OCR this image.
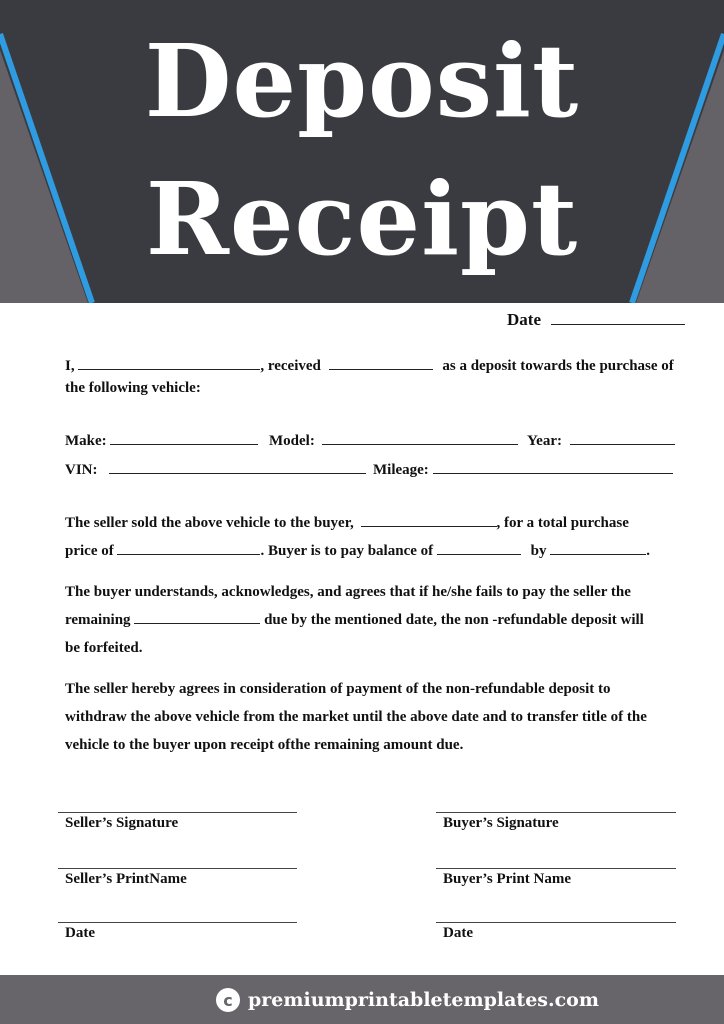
Deposit
Receipt
Date
I,	, received	as a deposit towards the purchase of
the following vehicle:
Make:	Model:	Year:
VIN:	Mileage:
The seller sold the above vehicle to the buyer,	, for a total purchase
price of	. Buyer is to pay balance of	by	.
The buyer understands, acknowledges, and agrees that if he/she fails to pay the seller the
remaining	due by the mentioned date, the non -refundable deposit will
be forfeited.
The seller hereby agrees in consideration of payment of the non-refundable deposit to
withdraw the above vehicle from the market until the above date and to transfer title of the
vehicle to the buyer upon receipt ofthe remaining amount due.
Seller’s Signature	Buyer’s Signature
Seller’s PrintName	Buyer’s Print Name
Date	Date
c premiumprintabletemplates.com
